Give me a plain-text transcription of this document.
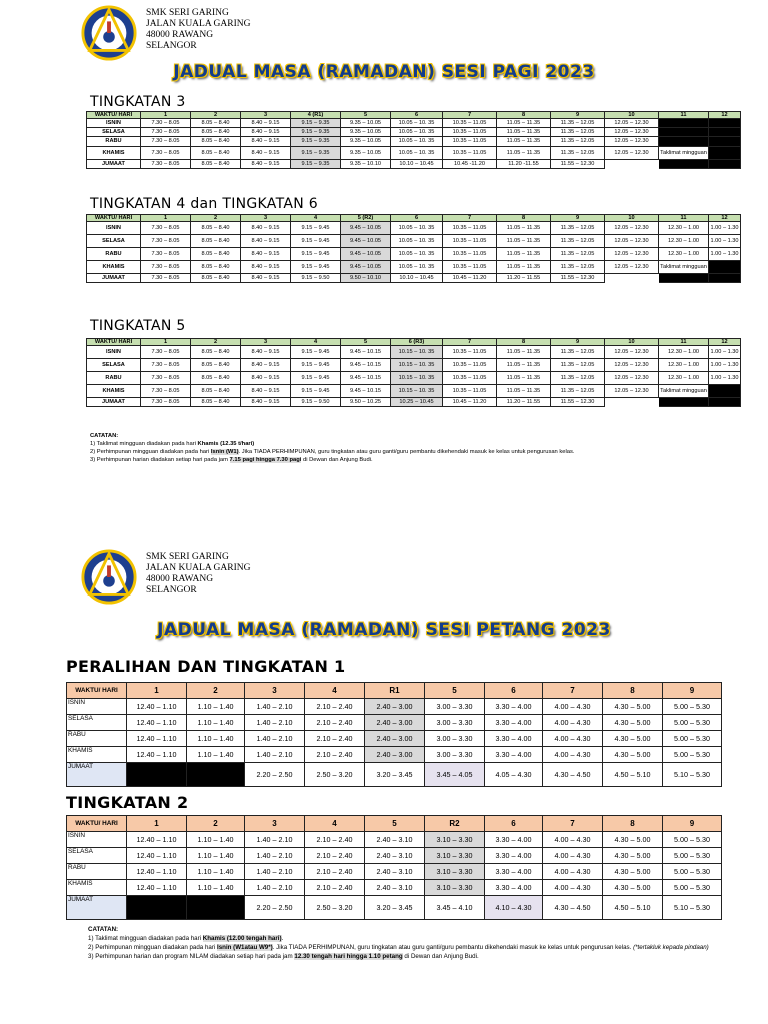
SMK SERI GARING
JALAN KUALA GARING
48000 RAWANG
SELANGOR
JADUAL MASA (RAMADAN) SESI PAGI 2023
TINGKATAN 3
WAKTU/ HARI	1	2	3	4 (R1)	5	6	7	8	9	10	11	12
ISNIN	7.30 – 8.05	8.05 – 8.40	8.40 – 9.15	9.15 – 9.35	9.35 – 10.05	10.05 – 10. 35	10.35 – 11.05	11.05 – 11.35	11.35 – 12.05	12.05 – 12.30		
SELASA	7.30 – 8.05	8.05 – 8.40	8.40 – 9.15	9.15 – 9.35	9.35 – 10.05	10.05 – 10. 35	10.35 – 11.05	11.05 – 11.35	11.35 – 12.05	12.05 – 12.30		
RABU	7.30 – 8.05	8.05 – 8.40	8.40 – 9.15	9.15 – 9.35	9.35 – 10.05	10.05 – 10. 35	10.35 – 11.05	11.05 – 11.35	11.35 – 12.05	12.05 – 12.30		
KHAMIS	7.30 – 8.05	8.05 – 8.40	8.40 – 9.15	9.15 – 9.35	9.35 – 10.05	10.05 – 10. 35	10.35 – 11.05	11.05 – 11.35	11.35 – 12.05	12.05 – 12.30	Taklimat mingguan	
JUMAAT	7.30 – 8.05	8.05 – 8.40	8.40 – 9.15	9.15 – 9.35	9.35 – 10.10	10.10 – 10.45	10.45 -11.20	11.20 -11.55	11.55 – 12.30			
TINGKATAN 4 dan TINGKATAN 6
WAKTU/ HARI	1	2	3	4	5 (R2)	6	7	8	9	10	11	12
ISNIN	7.30 – 8.05	8.05 – 8.40	8.40 – 9.15	9.15 – 9.45	9.45 – 10.05	10.05 – 10. 35	10.35 – 11.05	11.05 – 11.35	11.35 – 12.05	12.05 – 12.30	12.30 – 1.00	1.00 – 1.30
SELASA	7.30 – 8.05	8.05 – 8.40	8.40 – 9.15	9.15 – 9.45	9.45 – 10.05	10.05 – 10. 35	10.35 – 11.05	11.05 – 11.35	11.35 – 12.05	12.05 – 12.30	12.30 – 1.00	1.00 – 1.30
RABU	7.30 – 8.05	8.05 – 8.40	8.40 – 9.15	9.15 – 9.45	9.45 – 10.05	10.05 – 10. 35	10.35 – 11.05	11.05 – 11.35	11.35 – 12.05	12.05 – 12.30	12.30 – 1.00	1.00 – 1.30
KHAMIS	7.30 – 8.05	8.05 – 8.40	8.40 – 9.15	9.15 – 9.45	9.45 – 10.05	10.05 – 10. 35	10.35 – 11.05	11.05 – 11.35	11.35 – 12.05	12.05 – 12.30	Taklimat mingguan	
JUMAAT	7.30 – 8.05	8.05 – 8.40	8.40 – 9.15	9.15 – 9.50	9.50 – 10.10	10.10 – 10.45	10.45 – 11.20	11.20 – 11.55	11.55 – 12.30			
TINGKATAN 5
WAKTU/ HARI	1	2	3	4	5	6 (R3)	7	8	9	10	11	12
ISNIN	7.30 – 8.05	8.05 – 8.40	8.40 – 9.15	9.15 – 9.45	9.45 – 10.15	10.15 – 10. 35	10.35 – 11.05	11.05 – 11.35	11.35 – 12.05	12.05 – 12.30	12.30 – 1.00	1.00 – 1.30
SELASA	7.30 – 8.05	8.05 – 8.40	8.40 – 9.15	9.15 – 9.45	9.45 – 10.15	10.15 – 10. 35	10.35 – 11.05	11.05 – 11.35	11.35 – 12.05	12.05 – 12.30	12.30 – 1.00	1.00 – 1.30
RABU	7.30 – 8.05	8.05 – 8.40	8.40 – 9.15	9.15 – 9.45	9.45 – 10.15	10.15 – 10. 35	10.35 – 11.05	11.05 – 11.35	11.35 – 12.05	12.05 – 12.30	12.30 – 1.00	1.00 – 1.30
KHAMIS	7.30 – 8.05	8.05 – 8.40	8.40 – 9.15	9.15 – 9.45	9.45 – 10.15	10.15 – 10. 35	10.35 – 11.05	11.05 – 11.35	11.35 – 12.05	12.05 – 12.30	Taklimat mingguan	
JUMAAT	7.30 – 8.05	8.05 – 8.40	8.40 – 9.15	9.15 – 9.50	9.50 – 10.25	10.25 – 10.45	10.45 – 11.20	11.20 – 11.55	11.55 – 12.30			
CATATAN:
1) Taklimat mingguan diadakan pada hari Khamis (12.35 t/hari)
2) Perhimpunan mingguan diadakan pada hari Isnin (W1). Jika TIADA PERHIMPUNAN, guru tingkatan atau guru ganti/guru pembantu dikehendaki masuk ke kelas untuk pengurusan kelas.
3) Perhimpunan harian diadakan setiap hari pada jam 7.15 pagi hingga 7.30 pagi di Dewan dan Anjung Budi.
SMK SERI GARING
JALAN KUALA GARING
48000 RAWANG
SELANGOR
JADUAL MASA (RAMADAN) SESI PETANG 2023
PERALIHAN DAN TINGKATAN 1
WAKTU/ HARI	1	2	3	4	R1	5	6	7	8	9
ISNIN	12.40 – 1.10	1.10 – 1.40	1.40 – 2.10	2.10 – 2.40	2.40 – 3.00	3.00 – 3.30	3.30 – 4.00	4.00 – 4.30	4.30 – 5.00	5.00 – 5.30
SELASA	12.40 – 1.10	1.10 – 1.40	1.40 – 2.10	2.10 – 2.40	2.40 – 3.00	3.00 – 3.30	3.30 – 4.00	4.00 – 4.30	4.30 – 5.00	5.00 – 5.30
RABU	12.40 – 1.10	1.10 – 1.40	1.40 – 2.10	2.10 – 2.40	2.40 – 3.00	3.00 – 3.30	3.30 – 4.00	4.00 – 4.30	4.30 – 5.00	5.00 – 5.30
KHAMIS	12.40 – 1.10	1.10 – 1.40	1.40 – 2.10	2.10 – 2.40	2.40 – 3.00	3.00 – 3.30	3.30 – 4.00	4.00 – 4.30	4.30 – 5.00	5.00 – 5.30
JUMAAT			2.20 – 2.50	2.50 – 3.20	3.20 – 3.45	3.45 – 4.05	4.05 – 4.30	4.30 – 4.50	4.50 – 5.10	5.10 – 5.30
TINGKATAN 2
WAKTU/ HARI	1	2	3	4	5	R2	6	7	8	9
ISNIN	12.40 – 1.10	1.10 – 1.40	1.40 – 2.10	2.10 – 2.40	2.40 – 3.10	3.10 – 3.30	3.30 – 4.00	4.00 – 4.30	4.30 – 5.00	5.00 – 5.30
SELASA	12.40 – 1.10	1.10 – 1.40	1.40 – 2.10	2.10 – 2.40	2.40 – 3.10	3.10 – 3.30	3.30 – 4.00	4.00 – 4.30	4.30 – 5.00	5.00 – 5.30
RABU	12.40 – 1.10	1.10 – 1.40	1.40 – 2.10	2.10 – 2.40	2.40 – 3.10	3.10 – 3.30	3.30 – 4.00	4.00 – 4.30	4.30 – 5.00	5.00 – 5.30
KHAMIS	12.40 – 1.10	1.10 – 1.40	1.40 – 2.10	2.10 – 2.40	2.40 – 3.10	3.10 – 3.30	3.30 – 4.00	4.00 – 4.30	4.30 – 5.00	5.00 – 5.30
JUMAAT			2.20 – 2.50	2.50 – 3.20	3.20 – 3.45	3.45 – 4.10	4.10 – 4.30	4.30 – 4.50	4.50 – 5.10	5.10 – 5.30
CATATAN:
1) Taklimat mingguan diadakan pada hari Khamis (12.00 tengah hari).
2) Perhimpunan mingguan diadakan pada hari Isnin (W1atau W9*). Jika TIADA PERHIMPUNAN, guru tingkatan atau guru ganti/guru pembantu dikehendaki masuk ke kelas untuk pengurusan kelas. (*tertakluk kepada pindaan)
3) Perhimpunan harian dan program NILAM diadakan setiap hari pada jam 12.30 tengah hari hingga 1.10 petang di Dewan dan Anjung Budi.
